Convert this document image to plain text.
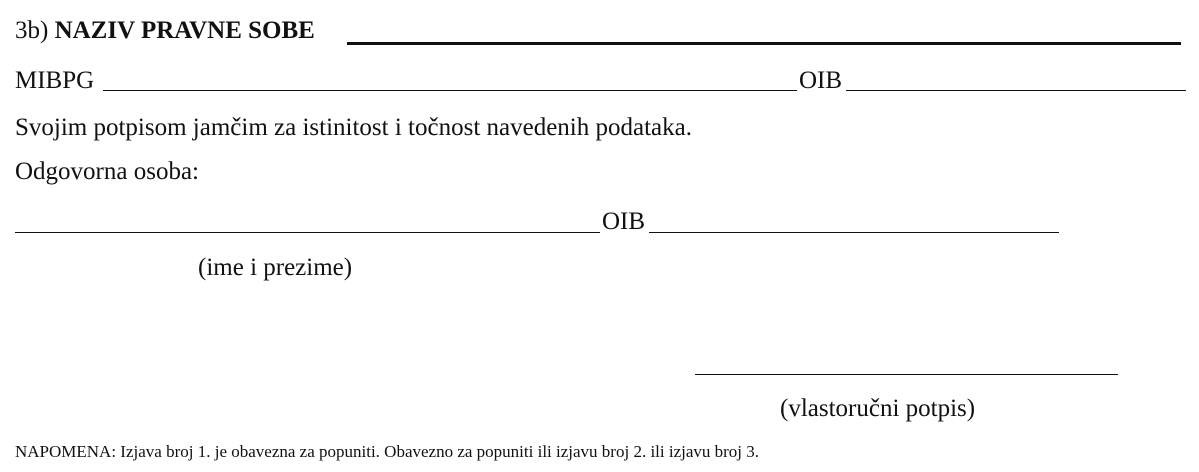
3b) NAZIV PRAVNE SOBE
MIBPG	OIB
Svojim potpisom jamčim za istinitost i točnost navedenih podataka.
Odgovorna osoba:
OIB
(ime i prezime)
(vlastoručni potpis)
NAPOMENA: Izjava broj 1. je obavezna za popuniti. Obavezno za popuniti ili izjavu broj 2. ili izjavu broj 3.
